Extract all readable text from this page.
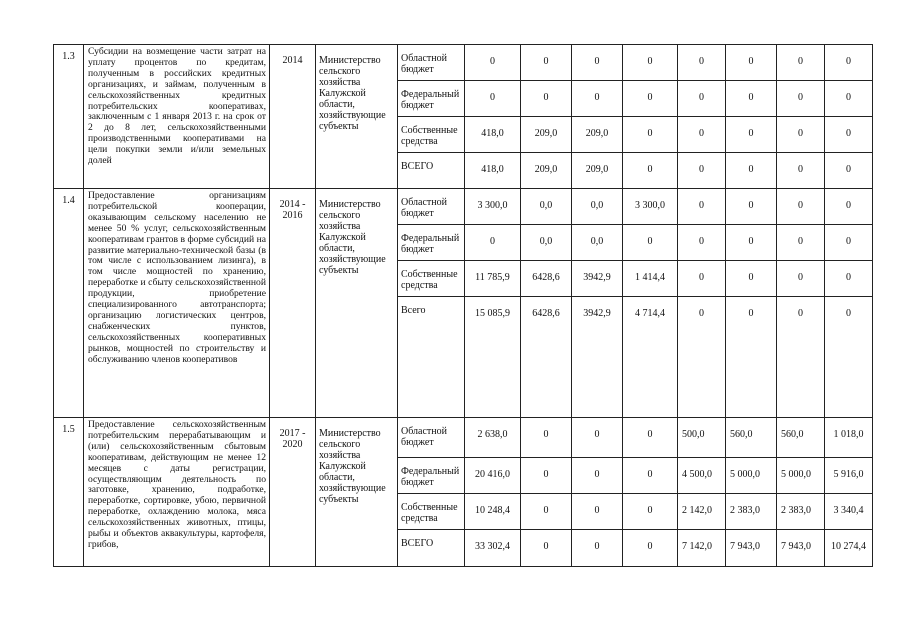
1.3	Субсидии на возмещение части затрат на уплату процентов по кредитам, полученным в российских кредитных организациях, и займам, полученным в сельскохозяйственных кредитных потребительских кооперативах, заключенным с 1 января 2013 г. на срок от 2 до 8 лет, сельскохозяйственными производственными кооперативами на цели покупки земли и/или земельных долей	2014	Министерство сельского хозяйства Калужской области, хозяйствующие субъекты	Областной бюджет	0	0	0	0	0	0	0	0
				Федеральный бюджет	0	0	0	0	0	0	0	0
				Собственные средства	418,0	209,0	209,0	0	0	0	0	0
				ВСЕГО	418,0	209,0	209,0	0	0	0	0	0
1.4	Предоставление организациям потребительской кооперации, оказывающим сельскому населению не менее 50 % услуг, сельскохозяйственным кооперативам грантов в форме субсидий на развитие материально-технической базы (в том числе с использованием лизинга), в том числе мощностей по хранению, переработке и сбыту сельскохозяйственной продукции, приобретение специализированного автотранспорта; организацию логистических центров, снабженческих пунктов, сельскохозяйственных кооперативных рынков, мощностей по строительству и обслуживанию членов кооперативов	2014 - 2016	Министерство сельского хозяйства Калужской области, хозяйствующие субъекты	Областной бюджет	3 300,0	0,0	0,0	3 300,0	0	0	0	0
				Федеральный бюджет	0	0,0	0,0	0	0	0	0	0
				Собственные средства	11 785,9	6428,6	3942,9	1 414,4	0	0	0	0
				Всего	15 085,9	6428,6	3942,9	4 714,4	0	0	0	0
1.5	Предоставление сельскохозяйственным потребительским перерабатывающим и (или) сельскохозяйственным сбытовым кооперативам, действующим не менее 12 месяцев с даты регистрации, осуществляющим деятельность по заготовке, хранению, подработке, переработке, сортировке, убою, первичной переработке, охлаждению молока, мяса сельскохозяйственных животных, птицы, рыбы и объектов аквакультуры, картофеля, грибов,	2017 - 2020	Министерство сельского хозяйства Калужской области, хозяйствующие субъекты	Областной бюджет	2 638,0	0	0	0	500,0	560,0	560,0	1 018,0
				Федеральный бюджет	20 416,0	0	0	0	4 500,0	5 000,0	5 000,0	5 916,0
				Собственные средства	10 248,4	0	0	0	2 142,0	2 383,0	2 383,0	3 340,4
				ВСЕГО	33 302,4	0	0	0	7 142,0	7 943,0	7 943,0	10 274,4
